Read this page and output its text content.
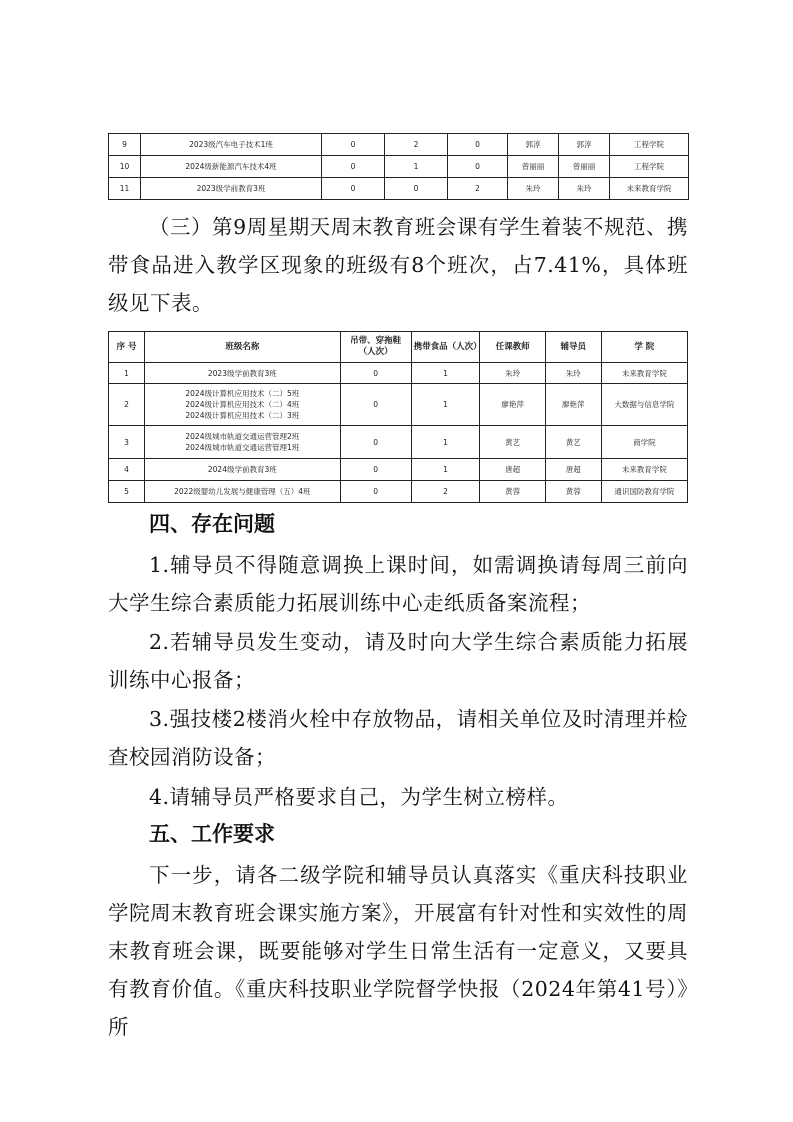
9	2023级汽车电子技术1班	0	2	0	郭淳	郭淳	工程学院
10	2024级新能源汽车技术4班	0	1	0	曾丽丽	曾丽丽	工程学院
11	2023级学前教育3班	0	0	2	朱玲	朱玲	未来教育学院

（三）第9周星期天周末教育班会课有学生着装不规范、携带食品进入教学区现象的班级有8个班次，占7.41%，具体班级见下表。

序 号	班级名称	吊带、穿拖鞋（人次）	携带食品（人次）	任课教师	辅导员	学 院
1	2023级学前教育3班	0	1	朱玲	朱玲	未来教育学院
2	2024级计算机应用技术（二）5班
2024级计算机应用技术（二）4班
2024级计算机应用技术（二）3班	0	1	廖艳萍	廖艳萍	大数据与信息学院
3	2024级城市轨道交通运营管理2班
2024级城市轨道交通运营管理1班	0	1	黄艺	黄艺	商学院
4	2024级学前教育3班	0	1	唐超	唐超	未来教育学院
5	2022级婴幼儿发展与健康管理（五）4班	0	2	黄蓉	黄蓉	通识国防教育学院
四、存在问题

1.辅导员不得随意调换上课时间，如需调换请每周三前向大学生综合素质能力拓展训练中心走纸质备案流程；

2.若辅导员发生变动，请及时向大学生综合素质能力拓展训练中心报备；

3.强技楼2楼消火栓中存放物品，请相关单位及时清理并检查校园消防设备；

4.请辅导员严格要求自己，为学生树立榜样。

五、工作要求

下一步，请各二级学院和辅导员认真落实《重庆科技职业学院周末教育班会课实施方案》，开展富有针对性和实效性的周末教育班会课，既要能够对学生日常生活有一定意义，又要具有教育价值。《重庆科技职业学院督学快报（2024年第41号）》所
